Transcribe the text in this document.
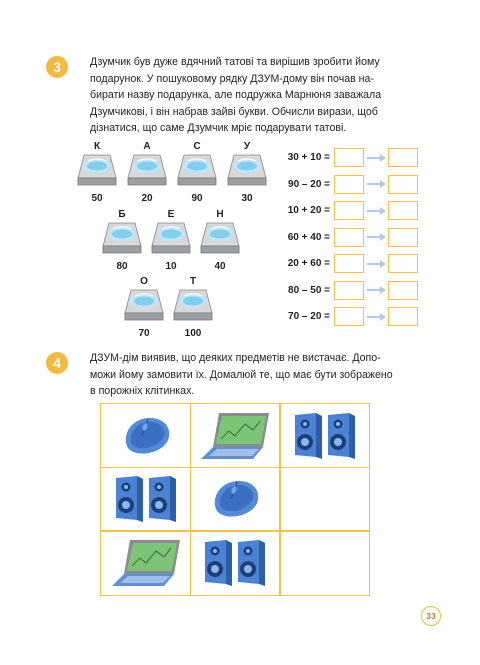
3	Дзумчик був дуже вдячний татові та вирішив зробити йому
подарунок. У пошуковому рядку ДЗУМ-дому він почав на-
бирати назву подарунка, але подружка Марнюня заважала
Дзумчикові, і він набрав зайві букви. Обчисли вирази, щоб
дізнатися, що саме Дзумчик мріє подарувати татові.
К
50
А
20
С
90
У
30
Б
80
Е
10
Н
40
О
70
Т
100
30 + 10 =
90 – 20 =
10 + 20 =
60 + 40 =
20 + 60 =
80 – 50 =
70 – 20 =
4	ДЗУМ-дім виявив, що деяких предметів не вистачає. Допо-
можи йому замовити їх. Домалюй те, що має бути зображено
в порожніх клітинках.
33
